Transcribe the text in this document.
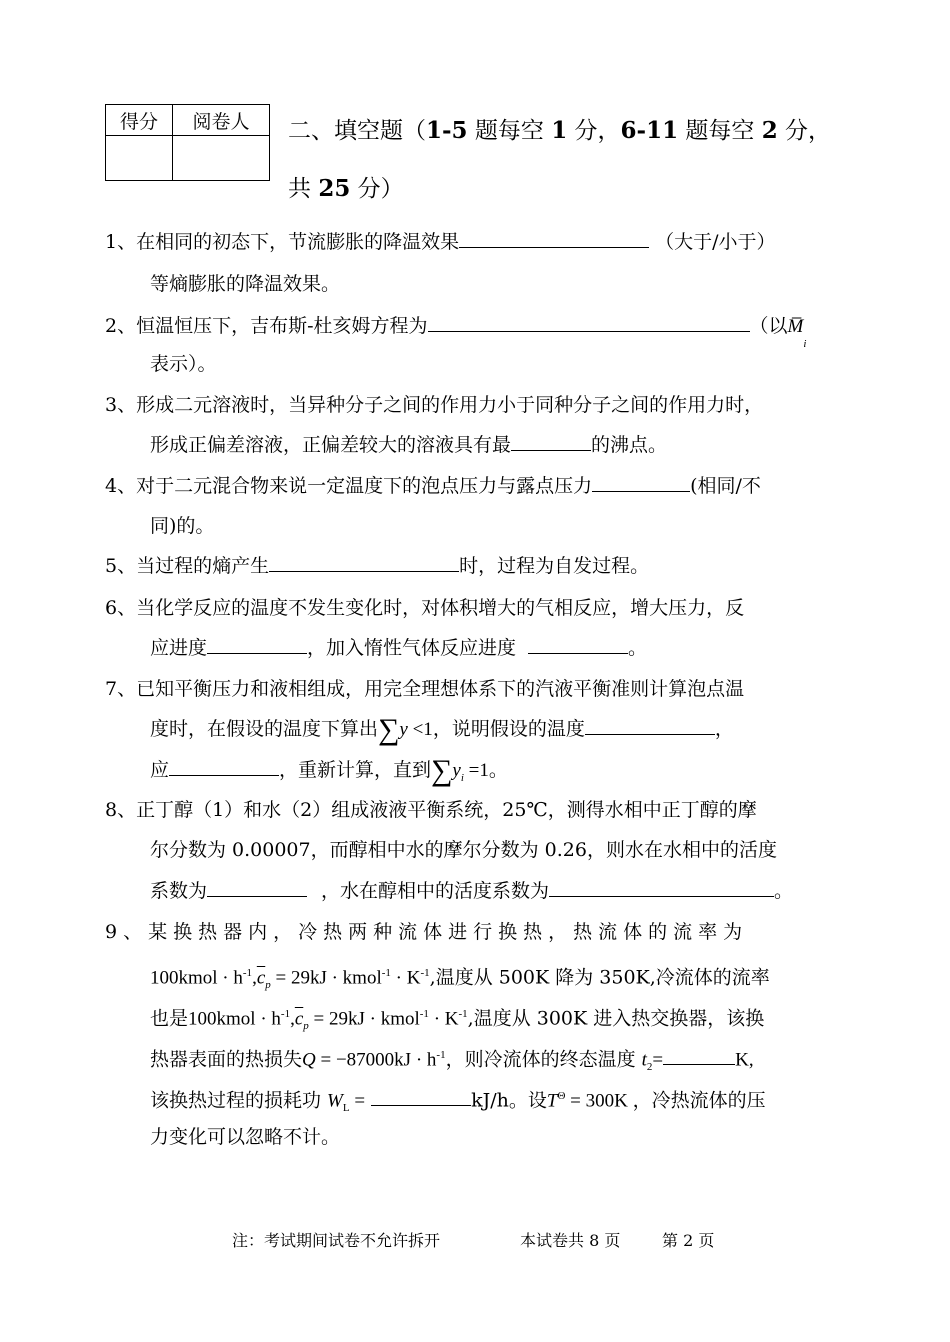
得分	阅卷人
	二、填空题（1-5 题每空 1 分，6-11 题每空 2 分，
共 25 分）
1、在相同的初态下，节流膨胀的降温效果	（大于/小于）
等熵膨胀的降温效果。
2、恒温恒压下，吉布斯-杜亥姆方程为	（以$M̅_i$
表示）。
3、形成二元溶液时，当异种分子之间的作用力小于同种分子之间的作用力时，
形成正偏差溶液，正偏差较大的溶液具有最	的沸点。
4、对于二元混合物来说一定温度下的泡点压力与露点压力	(相同/不
同)的。
5、当过程的熵产生	时，过程为自发过程。
6、当化学反应的温度不发生变化时，对体积增大的气相反应，增大压力，反
应进度	，加入惰性气体反应进度	。
7、已知平衡压力和液相组成，用完全理想体系下的汽液平衡准则计算泡点温
度时，在假设的温度下算出∑y <1，说明假设的温度	，
应	，重新计算，直到$\sum y_i =1$。
8、正丁醇（1）和水（2）组成液液平衡系统，25℃，测得水相中正丁醇的摩
尔分数为 0.00007，而醇相中水的摩尔分数为 0.26，则水在水相中的活度
系数为	，水在醇相中的活度系数为	。
9、某换热器内，冷热两种流体进行换热，热流体的流率为
100kmol · $h^{-1},\overline{c}_p = 29kJ$ · kmol$^{-1}$ · $K^{-1}$,温度从 500K 降为 350K,冷流体的流率
也是100kmol · $h^{-1},\overline{c}_p = 29kJ$ · kmol$^{-1}$ · $K^{-1}$,温度从 300K 进入热交换器，该换
热器表面的热损失$Q = -87000kJ \cdot h^{-1}$，则冷流体的终态温度 $t_2=$	K,
该换热过程的损耗功 $W_L$ =	kJ/h。设$T^\Theta = 300K$ ，冷热流体的压
力变化可以忽略不计。
注：考试期间试卷不允许拆开	本试卷共 8 页	第 2 页
